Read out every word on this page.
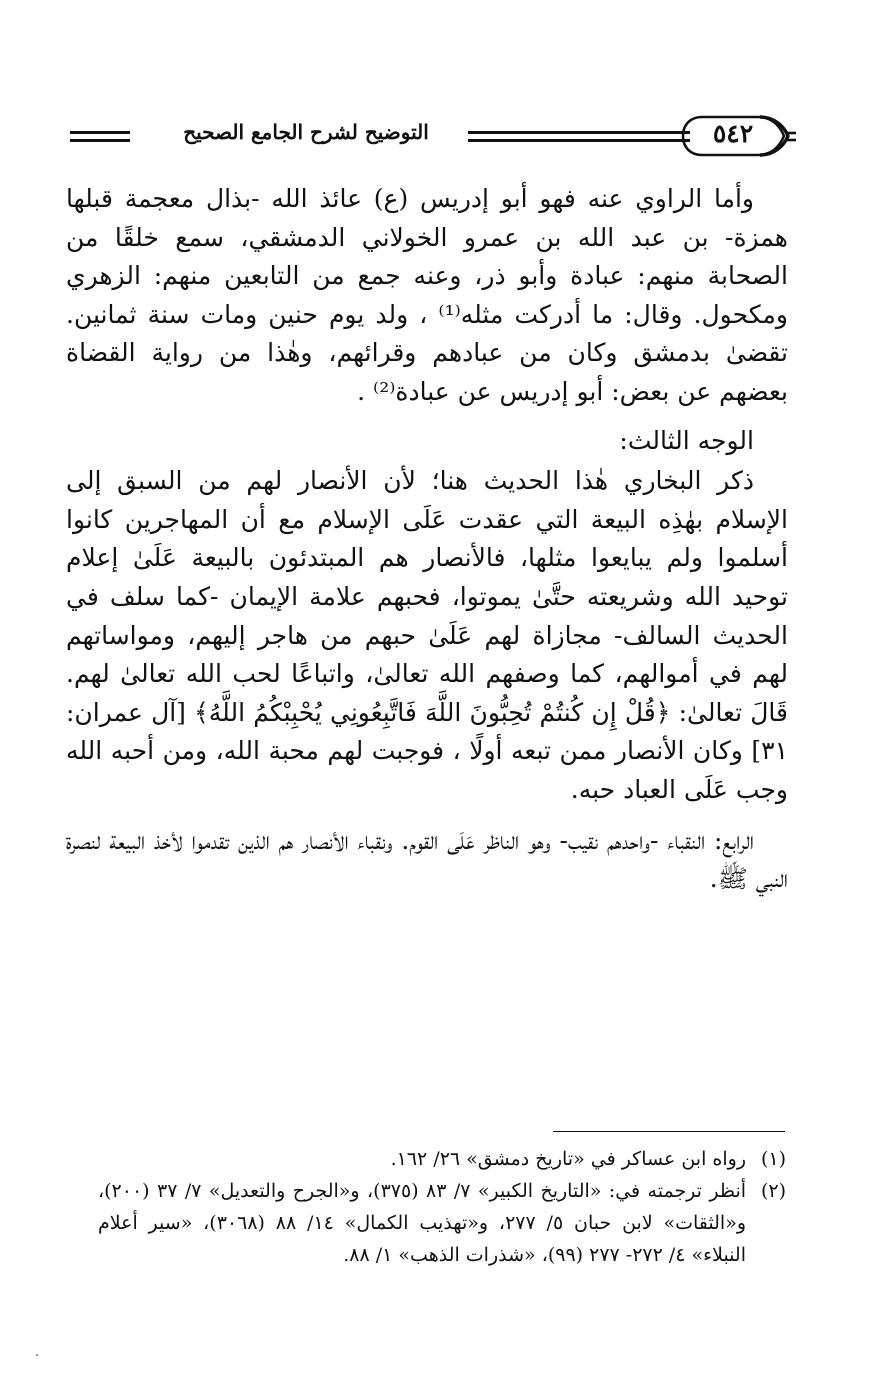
التوضيح لشرح الجامع الصحيح	٥٤٢

وأما الراوي عنه فهو أبو إدريس (ع) عائذ الله -بذال معجمة قبلها همزة- بن عبد الله بن عمرو الخولاني الدمشقي، سمع خلقًا من الصحابة منهم: عبادة وأبو ذر، وعنه جمع من التابعين منهم: الزهري ومكحول. وقال: ما أدركت مثله⁽¹⁾ ، ولد يوم حنين ومات سنة ثمانين. تقضىٰ بدمشق وكان من عبادهم وقرائهم، وهٰذا من رواية القضاة بعضهم عن بعض: أبو إدريس عن عبادة⁽²⁾ .

الوجه الثالث:

ذكر البخاري هٰذا الحديث هنا؛ لأن الأنصار لهم من السبق إلى الإسلام بهٰذِه البيعة التي عقدت عَلَى الإسلام مع أن المهاجرين كانوا أسلموا ولم يبايعوا مثلها، فالأنصار هم المبتدئون بالبيعة عَلَىٰ إعلام توحيد الله وشريعته حتَّىٰ يموتوا، فحبهم علامة الإيمان -كما سلف في الحديث السالف- مجازاة لهم عَلَىٰ حبهم من هاجر إليهم، ومواساتهم لهم في أموالهم، كما وصفهم الله تعالىٰ، واتباعًا لحب الله تعالىٰ لهم. قَالَ تعالىٰ: ﴿قُلْ إِن كُنتُمْ تُحِبُّونَ اللَّهَ فَاتَّبِعُونِي يُحْبِبْكُمُ اللَّهُ﴾ [آل عمران: ٣١] وكان الأنصار ممن تبعه أولًا ، فوجبت لهم محبة الله، ومن أحبه الله وجب عَلَى العباد حبه.

الرابع: النقباء -واحدهم نقيب- وهو الناظر عَلَى القوم. ونقباء الأنصار هم الذين تقدموا لأخذ البيعة لنصرة النبي ﷺ.

(١)
رواه ابن عساكر في «تاريخ دمشق» ٢٦/ ١٦٢.
(٢)
أنظر ترجمته في: «التاريخ الكبير» ٧/ ٨٣ (٣٧٥)، و«الجرح والتعديل» ٧/ ٣٧ (٢٠٠)، و«الثقات» لابن حبان ٥/ ٢٧٧، و«تهذيب الكمال» ١٤/ ٨٨ (٣٠٦٨)، «سير أعلام النبلاء» ٤/ ٢٧٢- ٢٧٧ (٩٩)، «شذرات الذهب» ١/ ٨٨.
